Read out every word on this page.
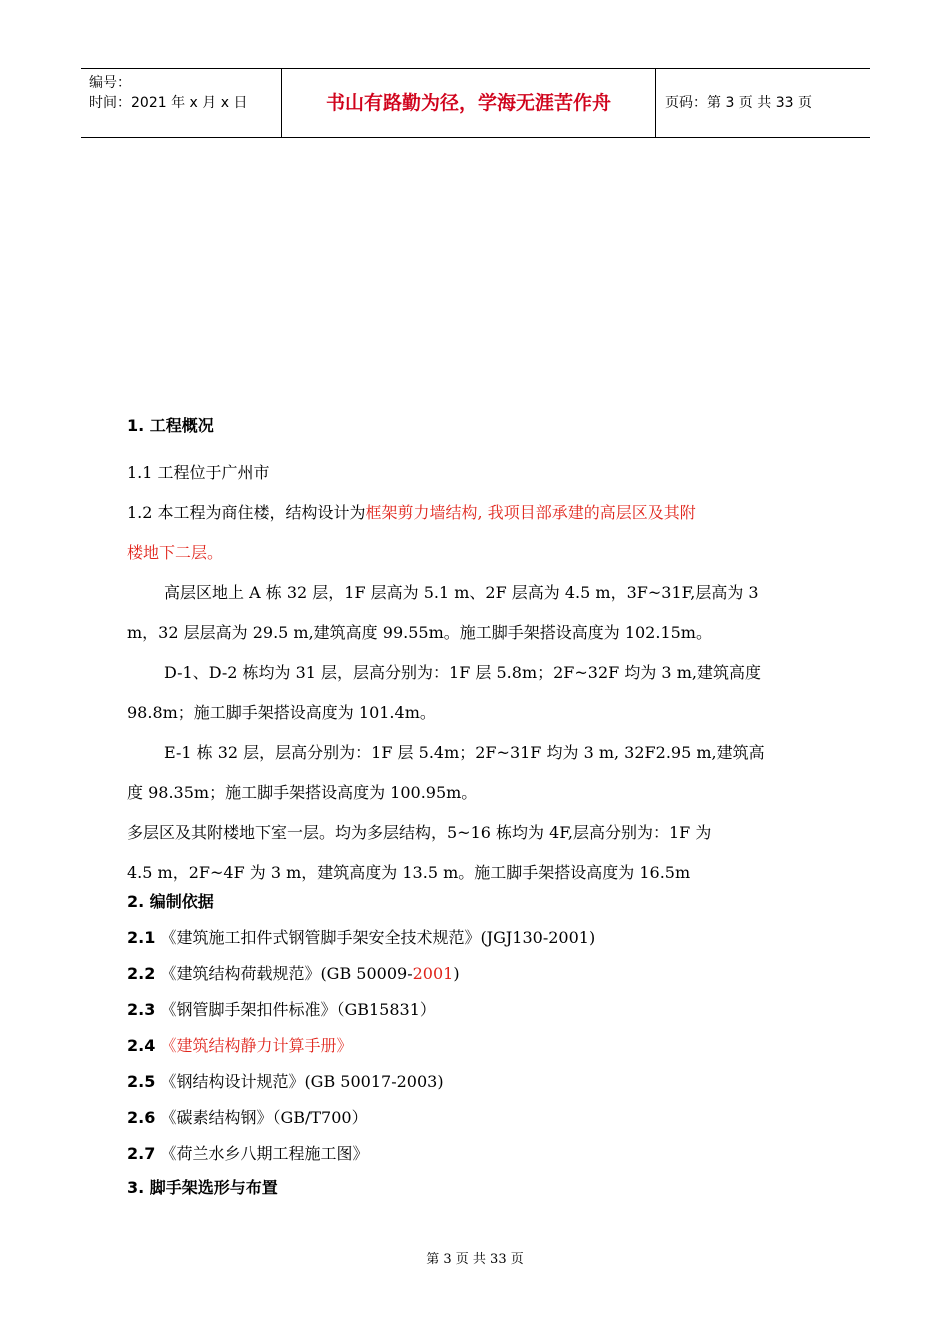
编号：
时间：2021 年 x 月 x 日	书山有路勤为径，学海无涯苦作舟	页码：第 3 页 共 33 页
1. 工程概况
1.1 工程位于广州市
1.2 本工程为商住楼，结构设计为框架剪力墙结构, 我项目部承建的高层区及其附
楼地下二层。
高层区地上 A 栋 32 层，1F 层高为 5.1 m、2F 层高为 4.5 m，3F~31F,层高为 3
m，32 层层高为 29.5 m,建筑高度 99.55m。施工脚手架搭设高度为 102.15m。
D-1、D-2 栋均为 31 层，层高分别为：1F 层 5.8m；2F~32F 均为 3 m,建筑高度
98.8m；施工脚手架搭设高度为 101.4m。
E-1 栋 32 层，层高分别为：1F 层 5.4m；2F~31F 均为 3 m, 32F2.95 m,建筑高
度 98.35m；施工脚手架搭设高度为 100.95m。
多层区及其附楼地下室一层。均为多层结构，5~16 栋均为 4F,层高分别为：1F 为
4.5 m，2F~4F 为 3 m，建筑高度为 13.5 m。施工脚手架搭设高度为 16.5m
2. 编制依据
2.1 《建筑施工扣件式钢管脚手架安全技术规范》(JGJ130-2001)
2.2 《建筑结构荷载规范》(GB 50009-2001)
2.3 《钢管脚手架扣件标准》（GB15831）
2.4 《建筑结构静力计算手册》
2.5 《钢结构设计规范》(GB 50017-2003)
2.6 《碳素结构钢》（GB/T700）
2.7 《荷兰水乡八期工程施工图》
3. 脚手架选形与布置
第 3 页 共 33 页
